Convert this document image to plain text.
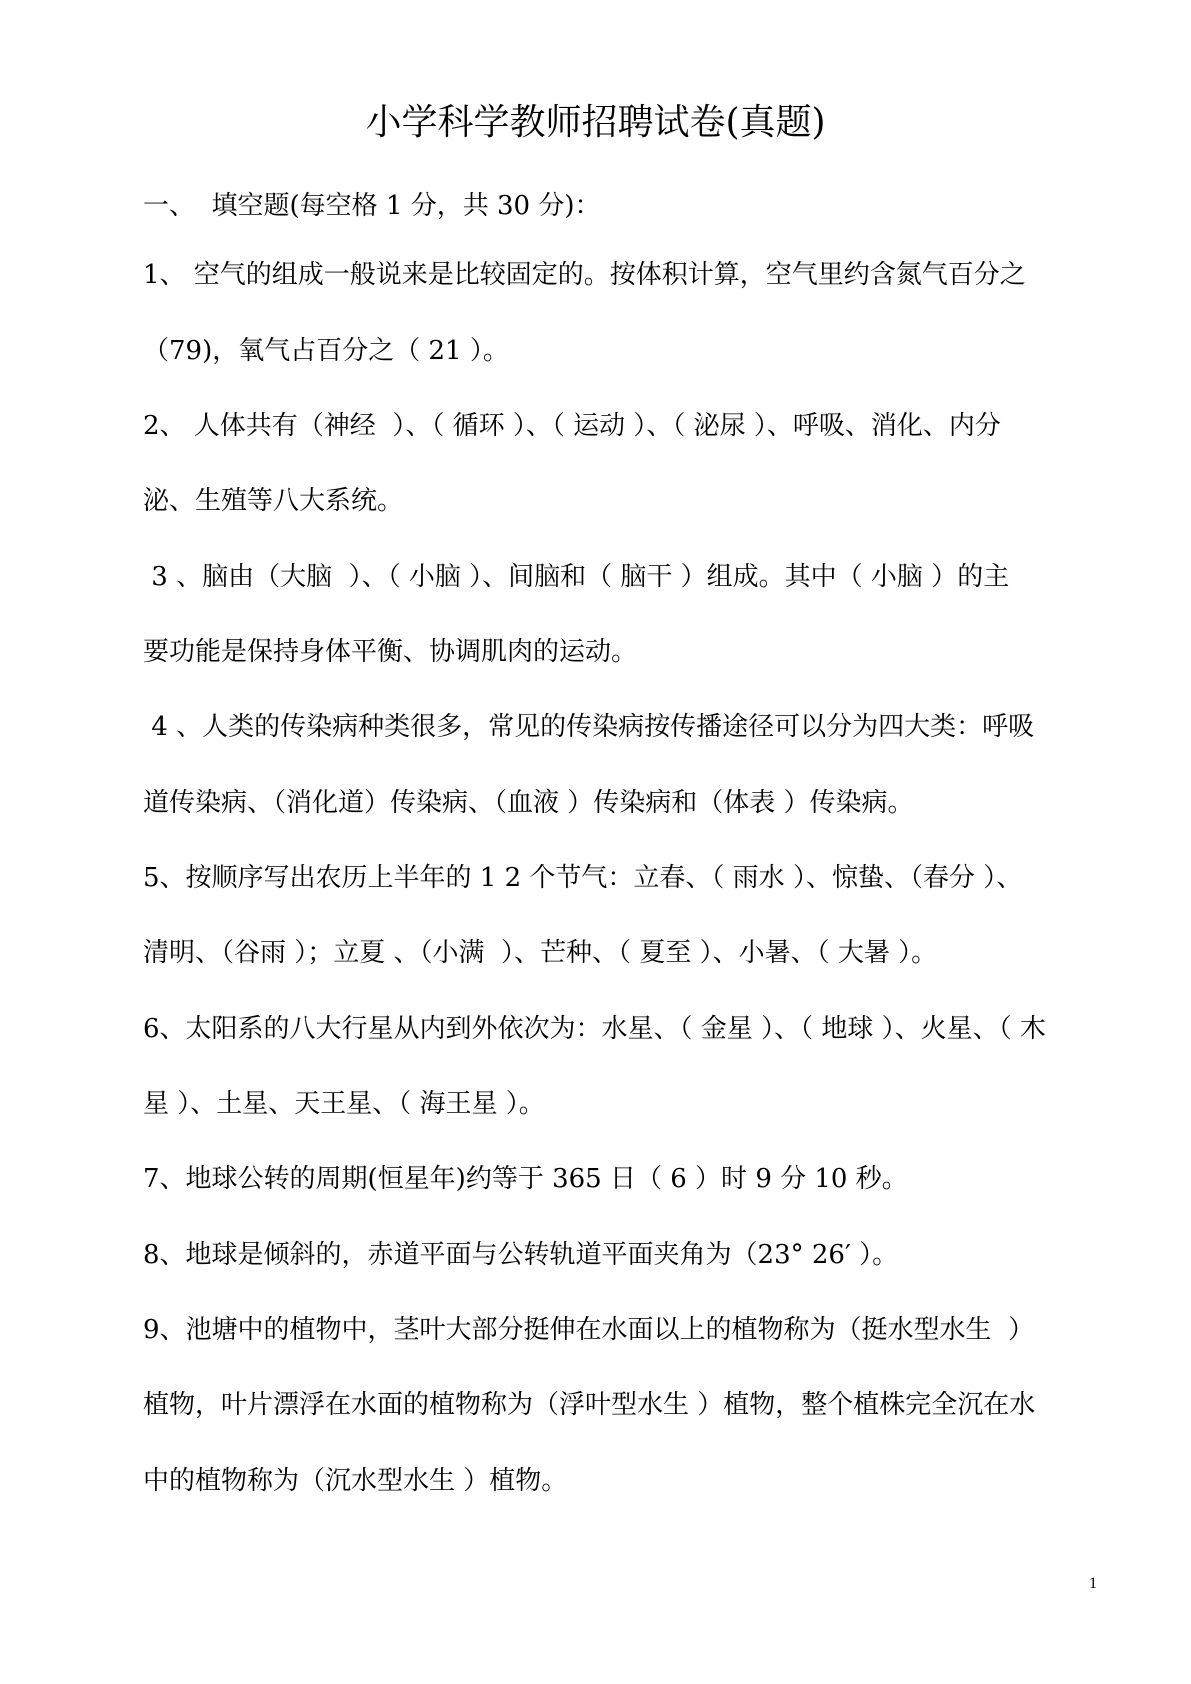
小学科学教师招聘试卷(真题)
一、  填空题(每空格 1 分，共 30 分)：
1、 空气的组成一般说来是比较固定的。按体积计算，空气里约含氮气百分之
（79)，氧气占百分之（ 21 ）。
2、 人体共有（神经  ）、（ 循环 ）、（ 运动 ）、（ 泌尿 ）、呼吸、消化、内分
泌、生殖等八大系统。
3 、脑由（大脑  ）、（ 小脑 ）、间脑和（ 脑干 ）组成。其中（ 小脑 ）的主
要功能是保持身体平衡、协调肌肉的运动。
4 、人类的传染病种类很多，常见的传染病按传播途径可以分为四大类：呼吸
道传染病、（消化道）传染病、（血液 ）传染病和（体表 ）传染病。
5、按顺序写出农历上半年的 1 2 个节气：立春、（ 雨水 ）、惊蛰、（春分 ）、
清明、（谷雨 ）；立夏 、（小满  ）、芒种、（ 夏至 ）、小暑、（ 大暑 ）。
6、太阳系的八大行星从内到外依次为：水星、（ 金星 ）、（ 地球 ）、火星、（ 木
星 ）、土星、天王星、（ 海王星 ）。
7、地球公转的周期(恒星年)约等于 365 日（ 6 ）时 9 分 10 秒。
8、地球是倾斜的，赤道平面与公转轨道平面夹角为（23° 26′ ）。
9、池塘中的植物中，茎叶大部分挺伸在水面以上的植物称为（挺水型水生  ）
植物，叶片漂浮在水面的植物称为（浮叶型水生 ）植物，整个植株完全沉在水
中的植物称为（沉水型水生 ）植物。
1
